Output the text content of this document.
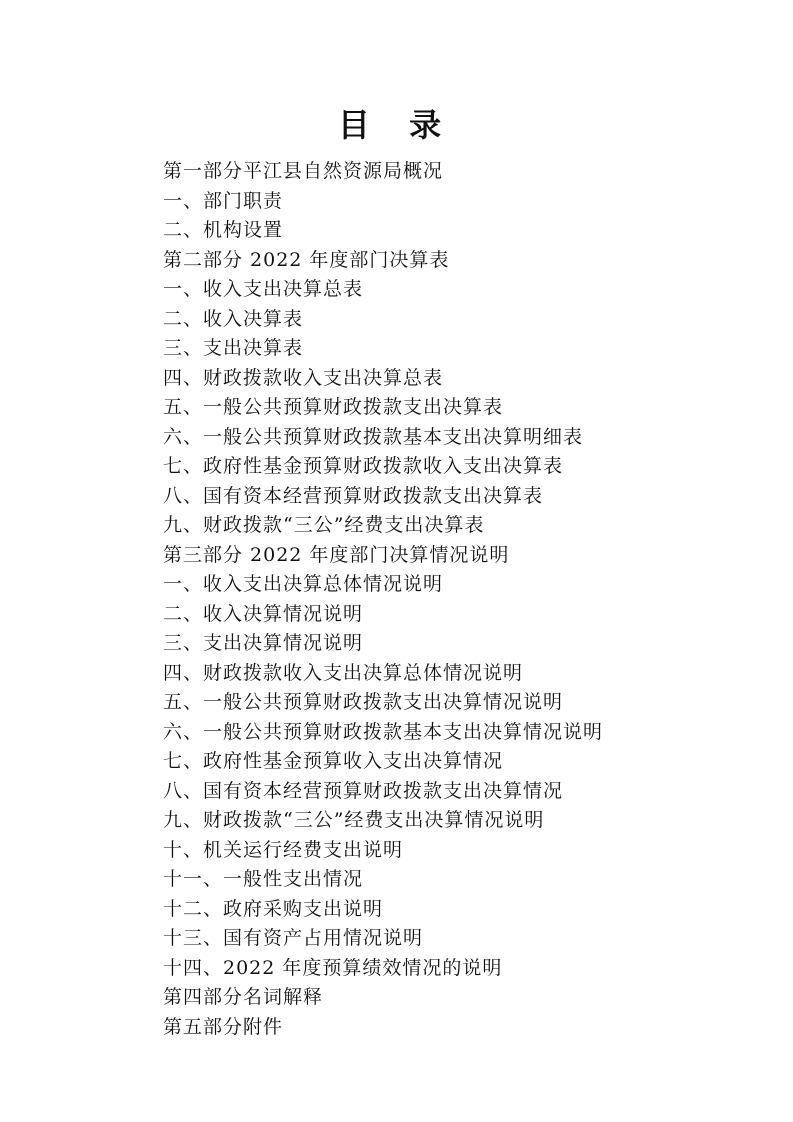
目 录
第一部分平江县自然资源局概况
一、部门职责
二、机构设置
第二部分 2022 年度部门决算表
一、收入支出决算总表
二、收入决算表
三、支出决算表
四、财政拨款收入支出决算总表
五、一般公共预算财政拨款支出决算表
六、一般公共预算财政拨款基本支出决算明细表
七、政府性基金预算财政拨款收入支出决算表
八、国有资本经营预算财政拨款支出决算表
九、财政拨款“三公”经费支出决算表
第三部分 2022 年度部门决算情况说明
一、收入支出决算总体情况说明
二、收入决算情况说明
三、支出决算情况说明
四、财政拨款收入支出决算总体情况说明
五、一般公共预算财政拨款支出决算情况说明
六、一般公共预算财政拨款基本支出决算情况说明
七、政府性基金预算收入支出决算情况
八、国有资本经营预算财政拨款支出决算情况
九、财政拨款“三公”经费支出决算情况说明
十、机关运行经费支出说明
十一、一般性支出情况
十二、政府采购支出说明
十三、国有资产占用情况说明
十四、2022 年度预算绩效情况的说明
第四部分名词解释
第五部分附件
